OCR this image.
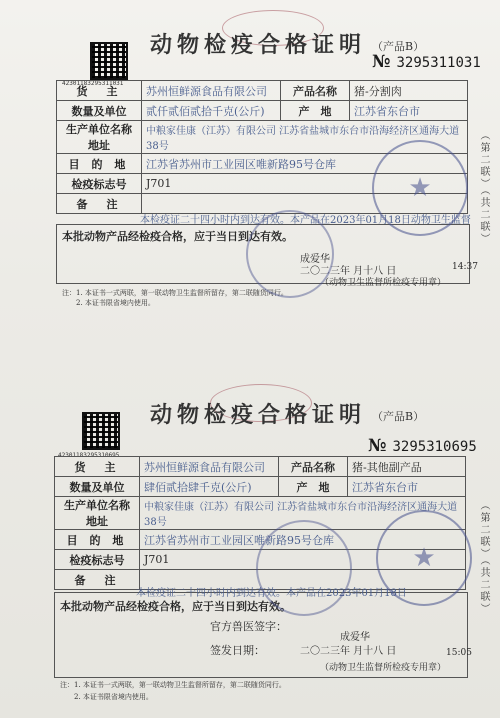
42301183295311031
动物检疫合格证明 （产品B）
№ 3295311031
货　主	苏州恒鲜源食品有限公司	产品名称	猪-分割肉
数量及单位	贰仟贰佰贰拾千克(公斤)	产　地	江苏省东台市
生产单位名称地址	中粮家佳康（江苏）有限公司 江苏省盐城市东台市沿海经济区通海大道38号		
目 的 地	江苏省苏州市工业园区唯新路95号仓库		
检疫标志号	J701		
备　注			
本检疫证二十四小时内到达有效。本产品在2023年01月18日动物卫生监督
本批动物产品经检疫合格，应于当日到达有效。
成爱华
二〇二三年 月十八 日	14:37
（动物卫生监督所检疫专用章）
注：1. 本证书一式两联，第一联动物卫生监督所留存，第二联随货同行。
　　2. 本证书限省境内使用。
（第二联）（共二联）
★
42301183295310695
动物检疫合格证明 （产品B）
№ 3295310695
货　主	苏州恒鲜源食品有限公司	产品名称	猪-其他副产品
数量及单位	肆佰贰拾肆千克(公斤)	产　地	江苏省东台市
生产单位名称地址	中粮家佳康（江苏）有限公司 江苏省盐城市东台市沿海经济区通海大道38号		
目 的 地	江苏省苏州市工业园区唯新路95号仓库		
检疫标志号	J701		
备　注			
本检疫证二十四小时内到达有效。本产品在2023年01月18日
本批动物产品经检疫合格，应于当日到达有效。
官方兽医签字：
成爱华
签发日期：	二〇二三年 月十八 日	15:05
（动物卫生监督所检疫专用章）
注：1. 本证书一式两联，第一联动物卫生监督所留存，第二联随货同行。
　　2. 本证书限省境内使用。
（第二联）（共二联）
★
